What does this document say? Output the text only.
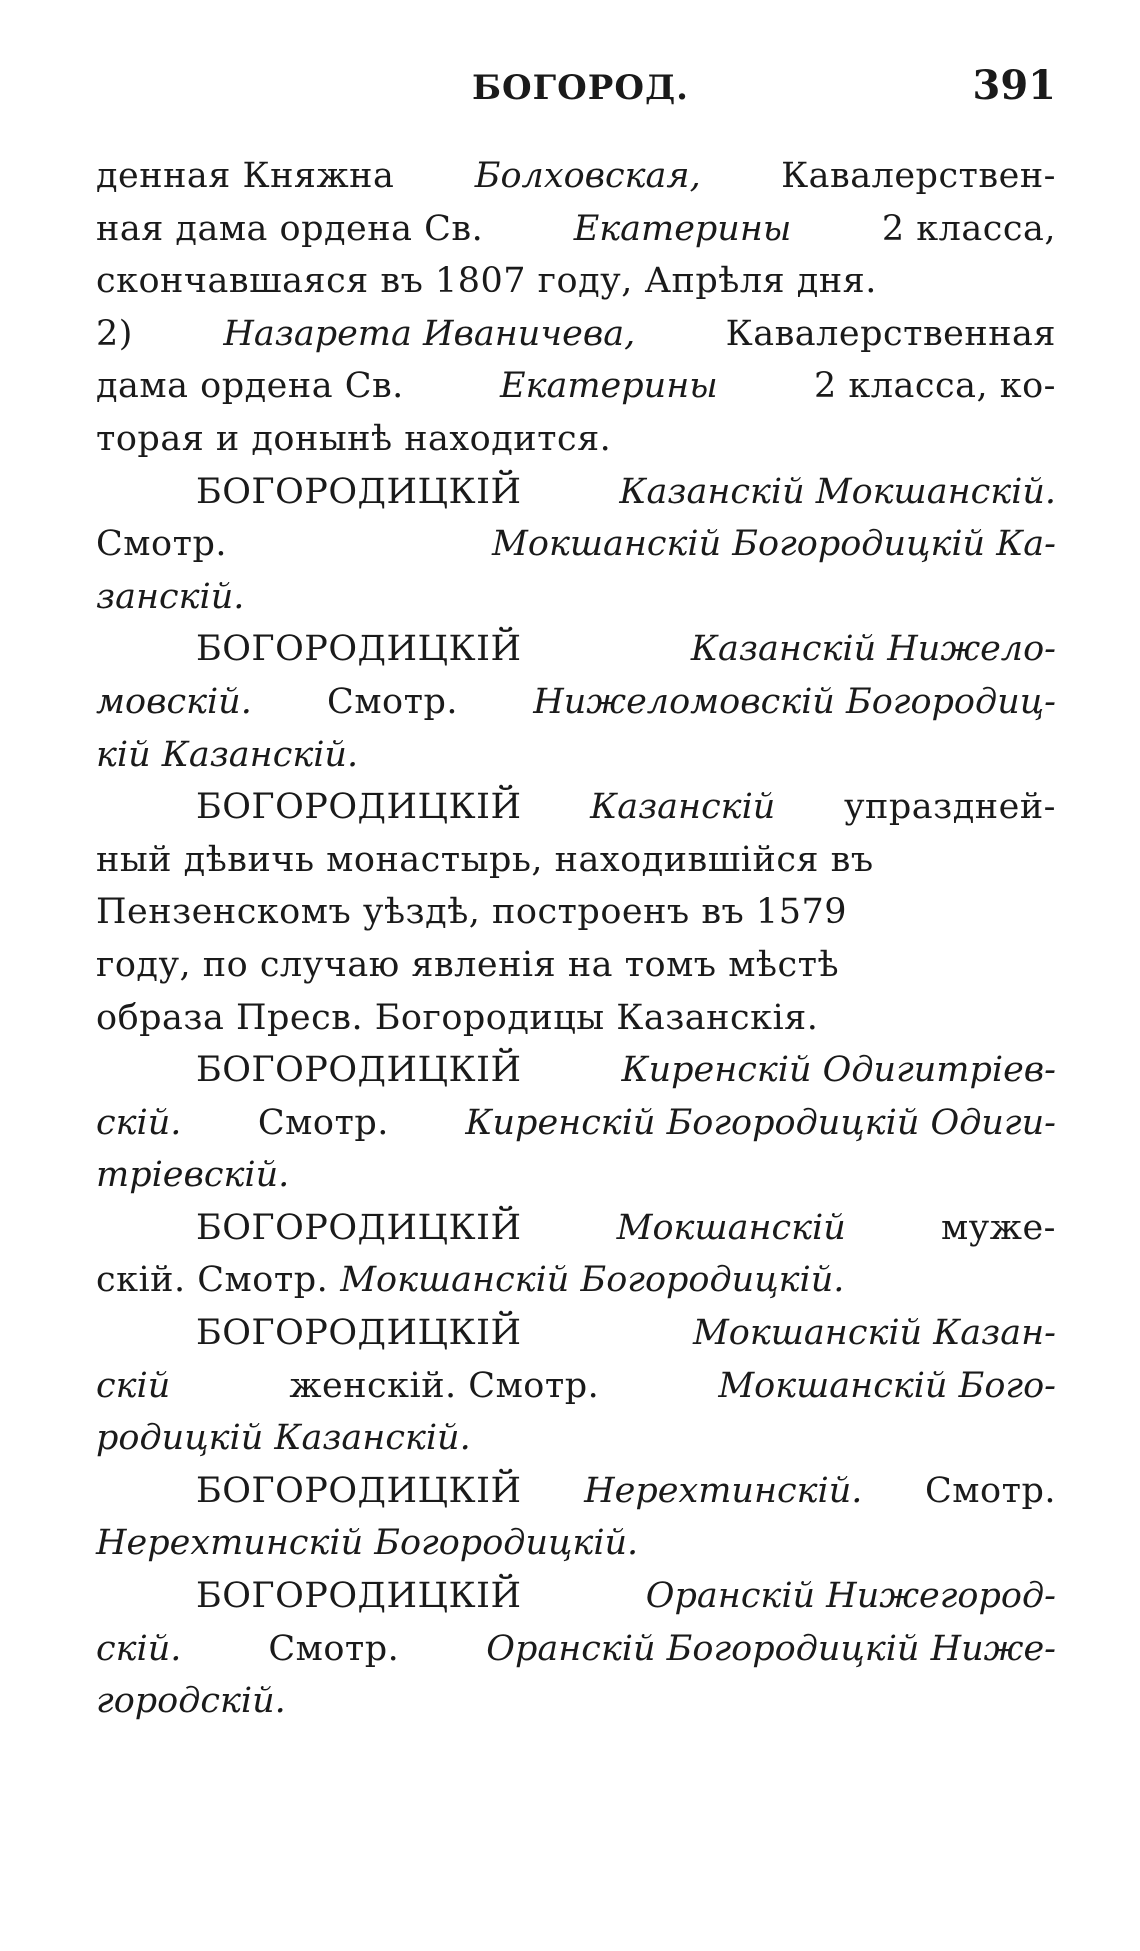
БОГОРОД.	391
денная Княжна Болховская, Кавалерствен-
ная дама ордена Св.	Екатерины	2 класса,
скончавшаяся въ 1807 году, Апрѣля дня.
2)	Назарета Иваничева,	Кавалерственная
дама ордена Св.	Екатерины	2 класса, ко-
торая и донынѣ находится.
БОГОРОДИЦКІЙ	Казанскій Мокшанскій.
Смотр.	Мокшанскій Богородицкій Ка-
занскій.
БОГОРОДИЦКІЙ	Казанскій Нижело-
мовскій. Смотр. Нижеломовскій Богородиц-
кій Казанскій.
БОГОРОДИЦКІЙ Казанскій упраздней-
ный дѣвичь монастырь, находившійся въ
Пензенскомъ уѣздѣ, построенъ въ 1579
году, по случаю явленія на томъ мѣстѣ
образа Пресв. Богородицы Казанскія.
БОГОРОДИЦКІЙ	Киренскій Одигитріев-
скій. Смотр. Киренскій Богородицкій Одиги-
тріевскій.
БОГОРОДИЦКІЙ	Мокшанскій	муже-
скій. Смотр. Мокшанскій Богородицкій.
БОГОРОДИЦКІЙ	Мокшанскій Казан-
скій	женскій. Смотр.	Мокшанскій Бого-
родицкій Казанскій.
БОГОРОДИЦКІЙ Нерехтинскій. Смотр.
Нерехтинскій Богородицкій.
БОГОРОДИЦКІЙ	Оранскій Нижегород-
скій. Смотр. Оранскій Богородицкій Ниже-
городскій.
